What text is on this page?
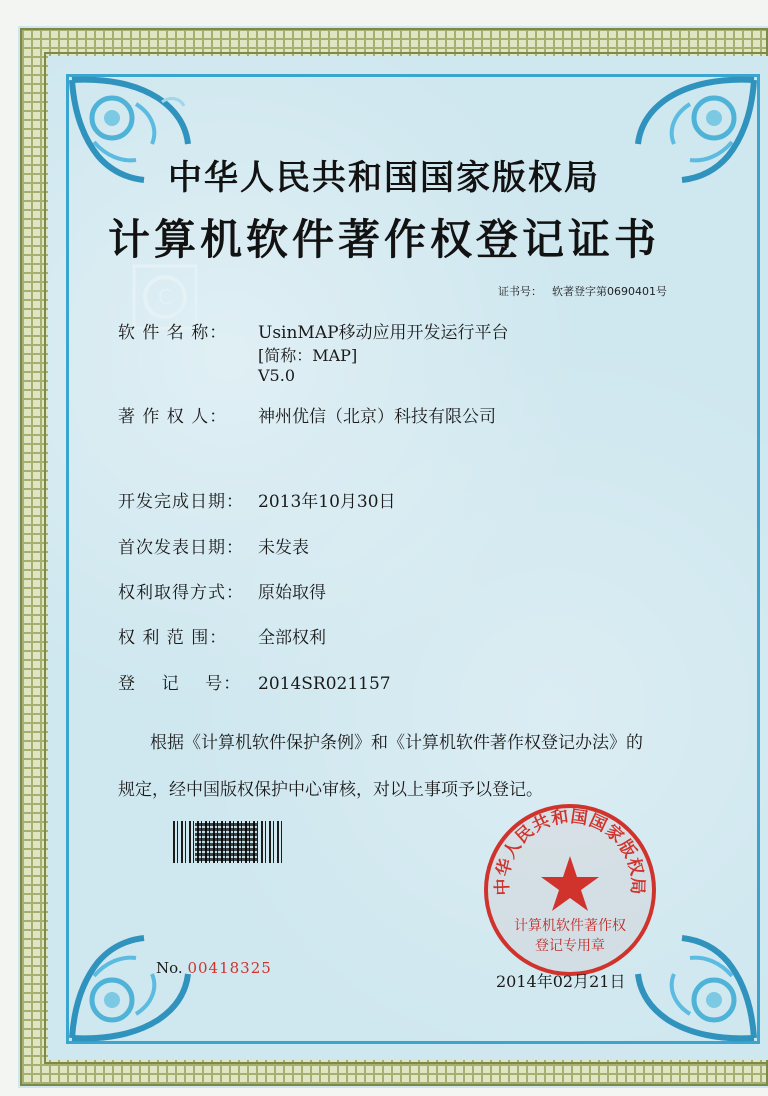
C
中华人民共和国国家版权局
计算机软件著作权登记证书
证书号： 软著登字第0690401号
软 件 名 称： UsinMAP移动应用开发运行平台
[简称：MAP]
V5.0
著 作 权 人： 神州优信（北京）科技有限公司
开发完成日期： 2013年10月30日
首次发表日期： 未发表
权利取得方式： 原始取得
权 利 范 围： 全部权利
登    记    号： 2014SR021157
根据《计算机软件保护条例》和《计算机软件著作权登记办法》的
规定，经中国版权保护中心审核，对以上事项予以登记。
中华人民共和国国家版权局
计算机软件著作权
登记专用章
No. 00418325
2014年02月21日
